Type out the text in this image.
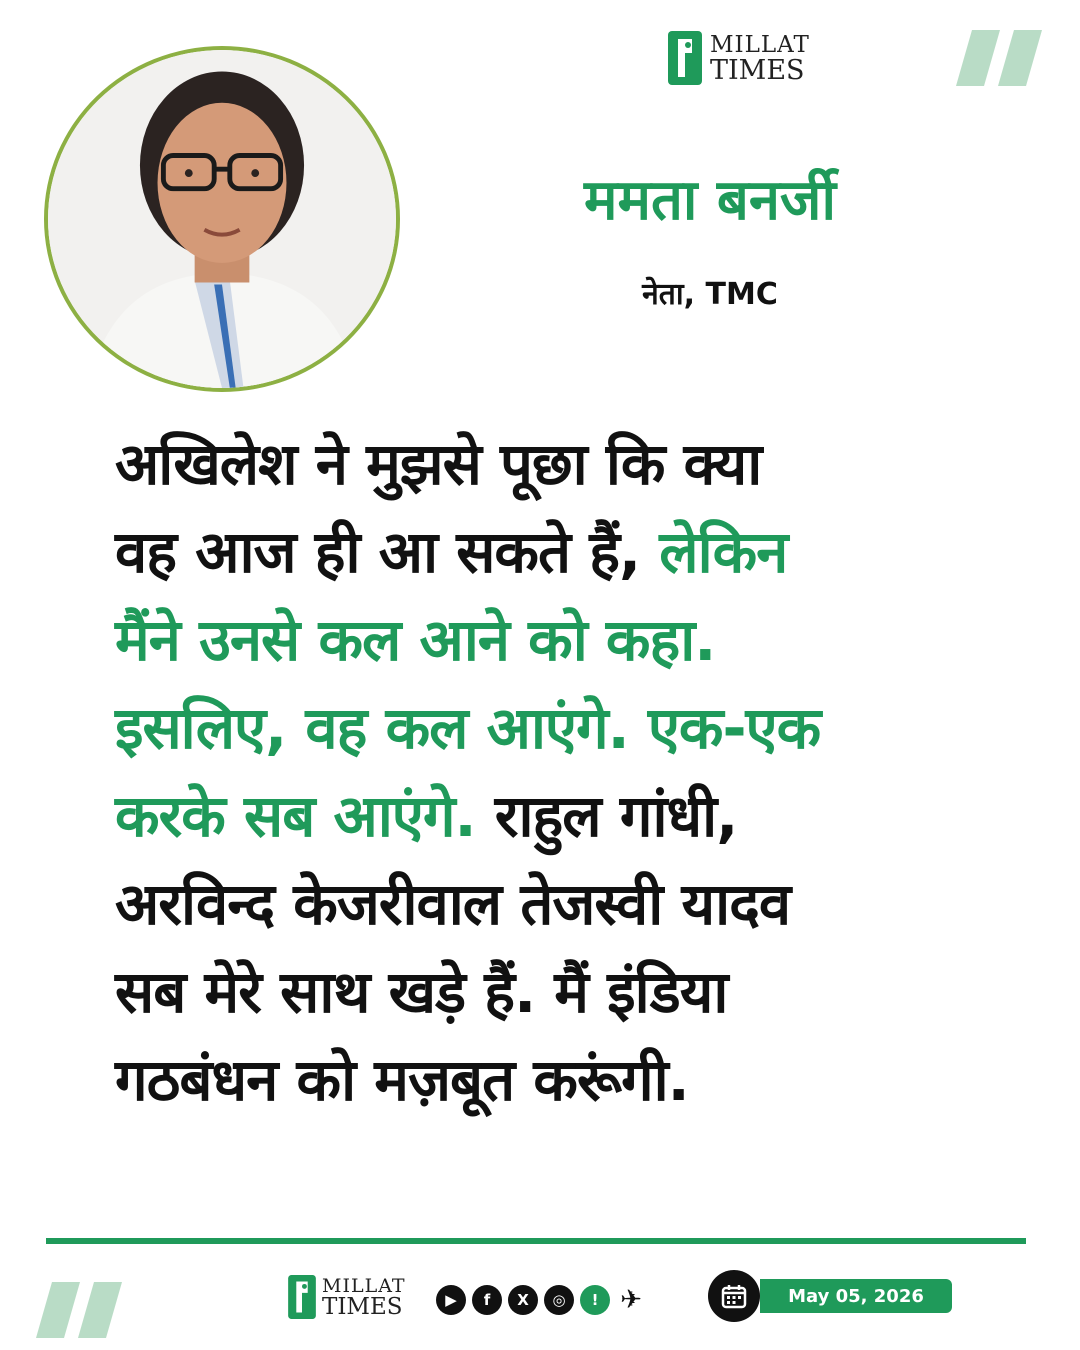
MILLAT
TIMES
ममता बनर्जी
नेता, TMC
अखिलेश ने मुझसे पूछा कि क्या
वह आज ही आ सकते हैं, लेकिन
मैंने उनसे कल आने को कहा.
इसलिए, वह कल आएंगे. एक-एक
करके सब आएंगे. राहुल गांधी,
अरविन्द केजरीवाल तेजस्वी यादव
सब मेरे साथ खड़े हैं. मैं इंडिया
गठबंधन को मज़बूत करूंगी.
MILLAT
TIMES	▶	f	X	◎	! ✈	May 05, 2026
